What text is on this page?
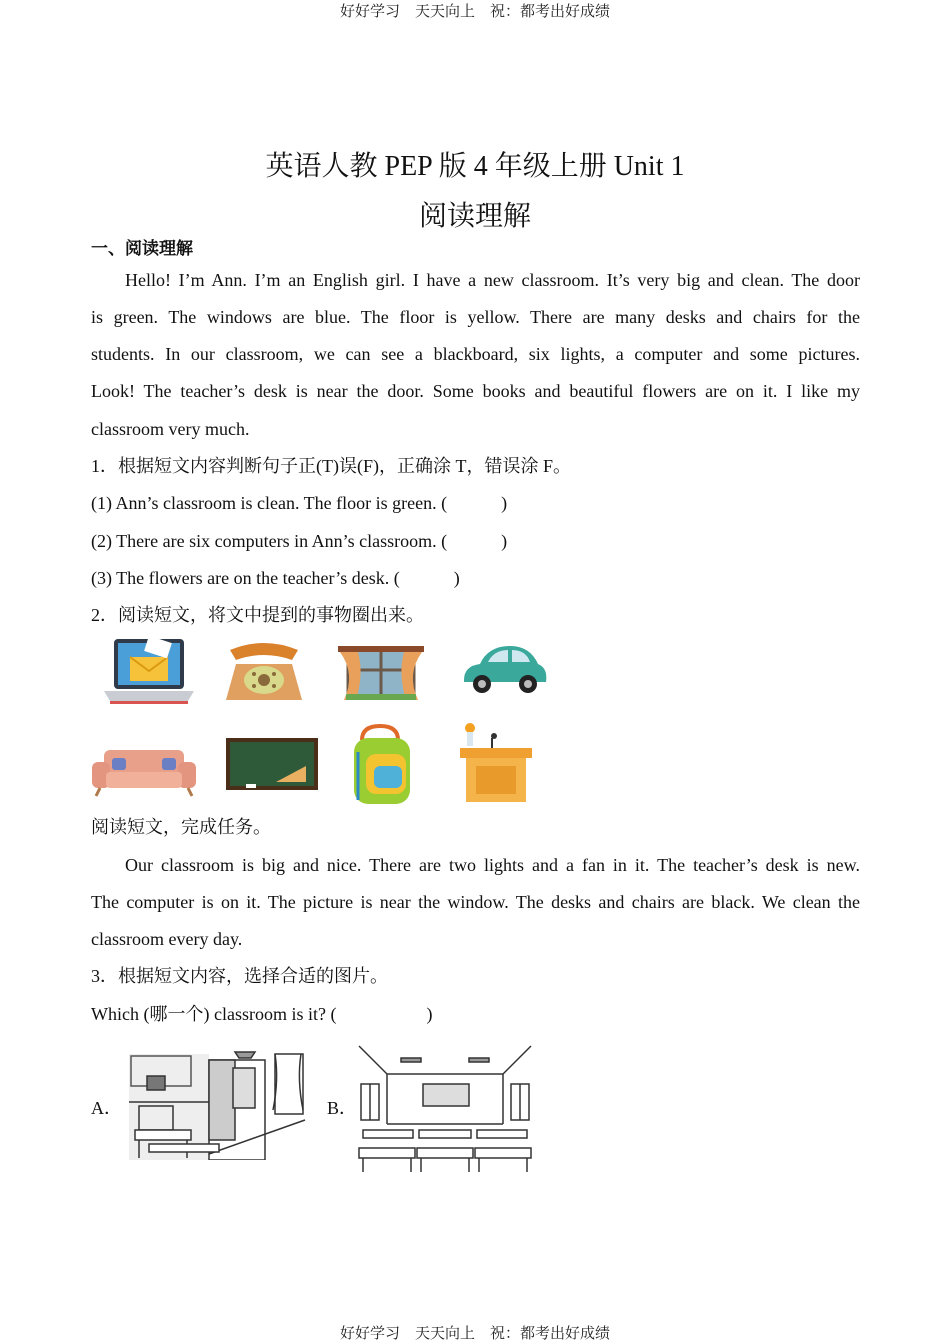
好好学习　天天向上　祝：都考出好成绩
英语人教 PEP 版 4 年级上册 Unit 1
阅读理解
一、阅读理解
Hello! I’m Ann. I’m an English girl. I have a new classroom. It’s very big and clean. The door
is green. The windows are blue. The floor is yellow. There are many desks and chairs for the
students. In our classroom, we can see a blackboard, six lights, a computer and some pictures.
Look! The teacher’s desk is near the door. Some books and beautiful flowers are on it. I like my
classroom very much.
1．根据短文内容判断句子正(T)误(F)，正确涂 T，错误涂 F。
(1) Ann’s classroom is clean. The floor is green. (　　　)
(2) There are six computers in Ann’s classroom. (　　　)
(3) The flowers are on the teacher’s desk. (　　　)
2．阅读短文，将文中提到的事物圈出来。
阅读短文，完成任务。
Our classroom is big and nice. There are two lights and a fan in it. The teacher’s desk is new.
The computer is on it. The picture is near the window. The desks and chairs are black. We clean the
classroom every day.
3．根据短文内容，选择合适的图片。
Which (哪一个) classroom is it? (　　　　　)
A．	B．
好好学习　天天向上　祝：都考出好成绩
